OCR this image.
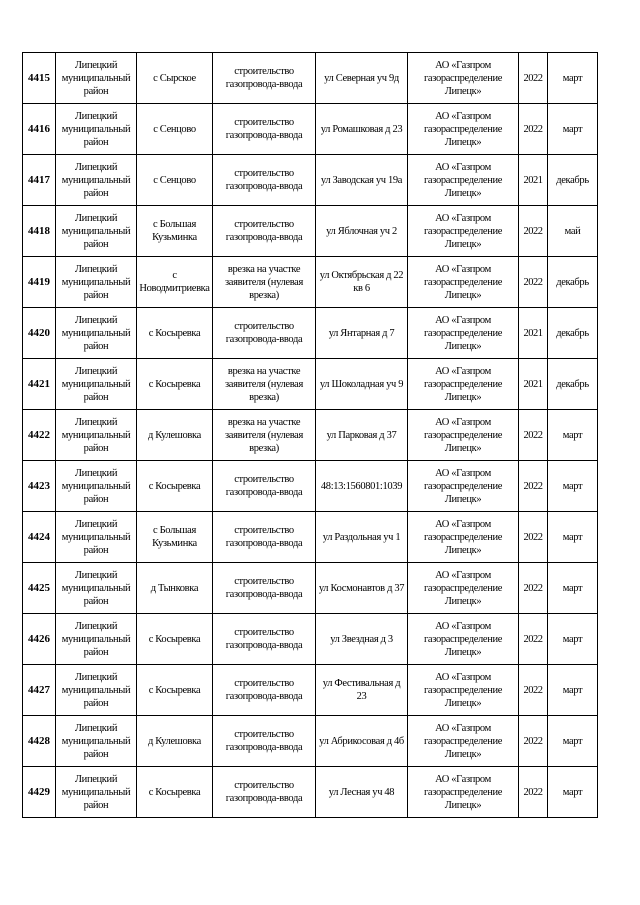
4415	Липецкий муниципальный район	с Сырское	строительство газопровода-ввода	ул Северная уч 9д	АО «Газпром газораспределение Липецк»	2022	март
4416	Липецкий муниципальный район	с Сенцово	строительство газопровода-ввода	ул Ромашковая д 23	АО «Газпром газораспределение Липецк»	2022	март
4417	Липецкий муниципальный район	с Сенцово	строительство газопровода-ввода	ул Заводская уч 19а	АО «Газпром газораспределение Липецк»	2021	декабрь
4418	Липецкий муниципальный район	с Большая Кузьминка	строительство газопровода-ввода	ул Яблочная уч 2	АО «Газпром газораспределение Липецк»	2022	май
4419	Липецкий муниципальный район	с Новодмитриевка	врезка на участке заявителя (нулевая врезка)	ул Октябрьская д 22 кв 6	АО «Газпром газораспределение Липецк»	2022	декабрь
4420	Липецкий муниципальный район	с Косыревка	строительство газопровода-ввода	ул Янтарная д 7	АО «Газпром газораспределение Липецк»	2021	декабрь
4421	Липецкий муниципальный район	с Косыревка	врезка на участке заявителя (нулевая врезка)	ул Шоколадная уч 9	АО «Газпром газораспределение Липецк»	2021	декабрь
4422	Липецкий муниципальный район	д Кулешовка	врезка на участке заявителя (нулевая врезка)	ул Парковая д 37	АО «Газпром газораспределение Липецк»	2022	март
4423	Липецкий муниципальный район	с Косыревка	строительство газопровода-ввода	48:13:1560801:1039	АО «Газпром газораспределение Липецк»	2022	март
4424	Липецкий муниципальный район	с Большая Кузьминка	строительство газопровода-ввода	ул Раздольная уч 1	АО «Газпром газораспределение Липецк»	2022	март
4425	Липецкий муниципальный район	д Тынковка	строительство газопровода-ввода	ул Космонавтов д 37	АО «Газпром газораспределение Липецк»	2022	март
4426	Липецкий муниципальный район	с Косыревка	строительство газопровода-ввода	ул Звездная д 3	АО «Газпром газораспределение Липецк»	2022	март
4427	Липецкий муниципальный район	с Косыревка	строительство газопровода-ввода	ул Фестивальная д 23	АО «Газпром газораспределение Липецк»	2022	март
4428	Липецкий муниципальный район	д Кулешовка	строительство газопровода-ввода	ул Абрикосовая д 4б	АО «Газпром газораспределение Липецк»	2022	март
4429	Липецкий муниципальный район	с Косыревка	строительство газопровода-ввода	ул Лесная уч 48	АО «Газпром газораспределение Липецк»	2022	март
